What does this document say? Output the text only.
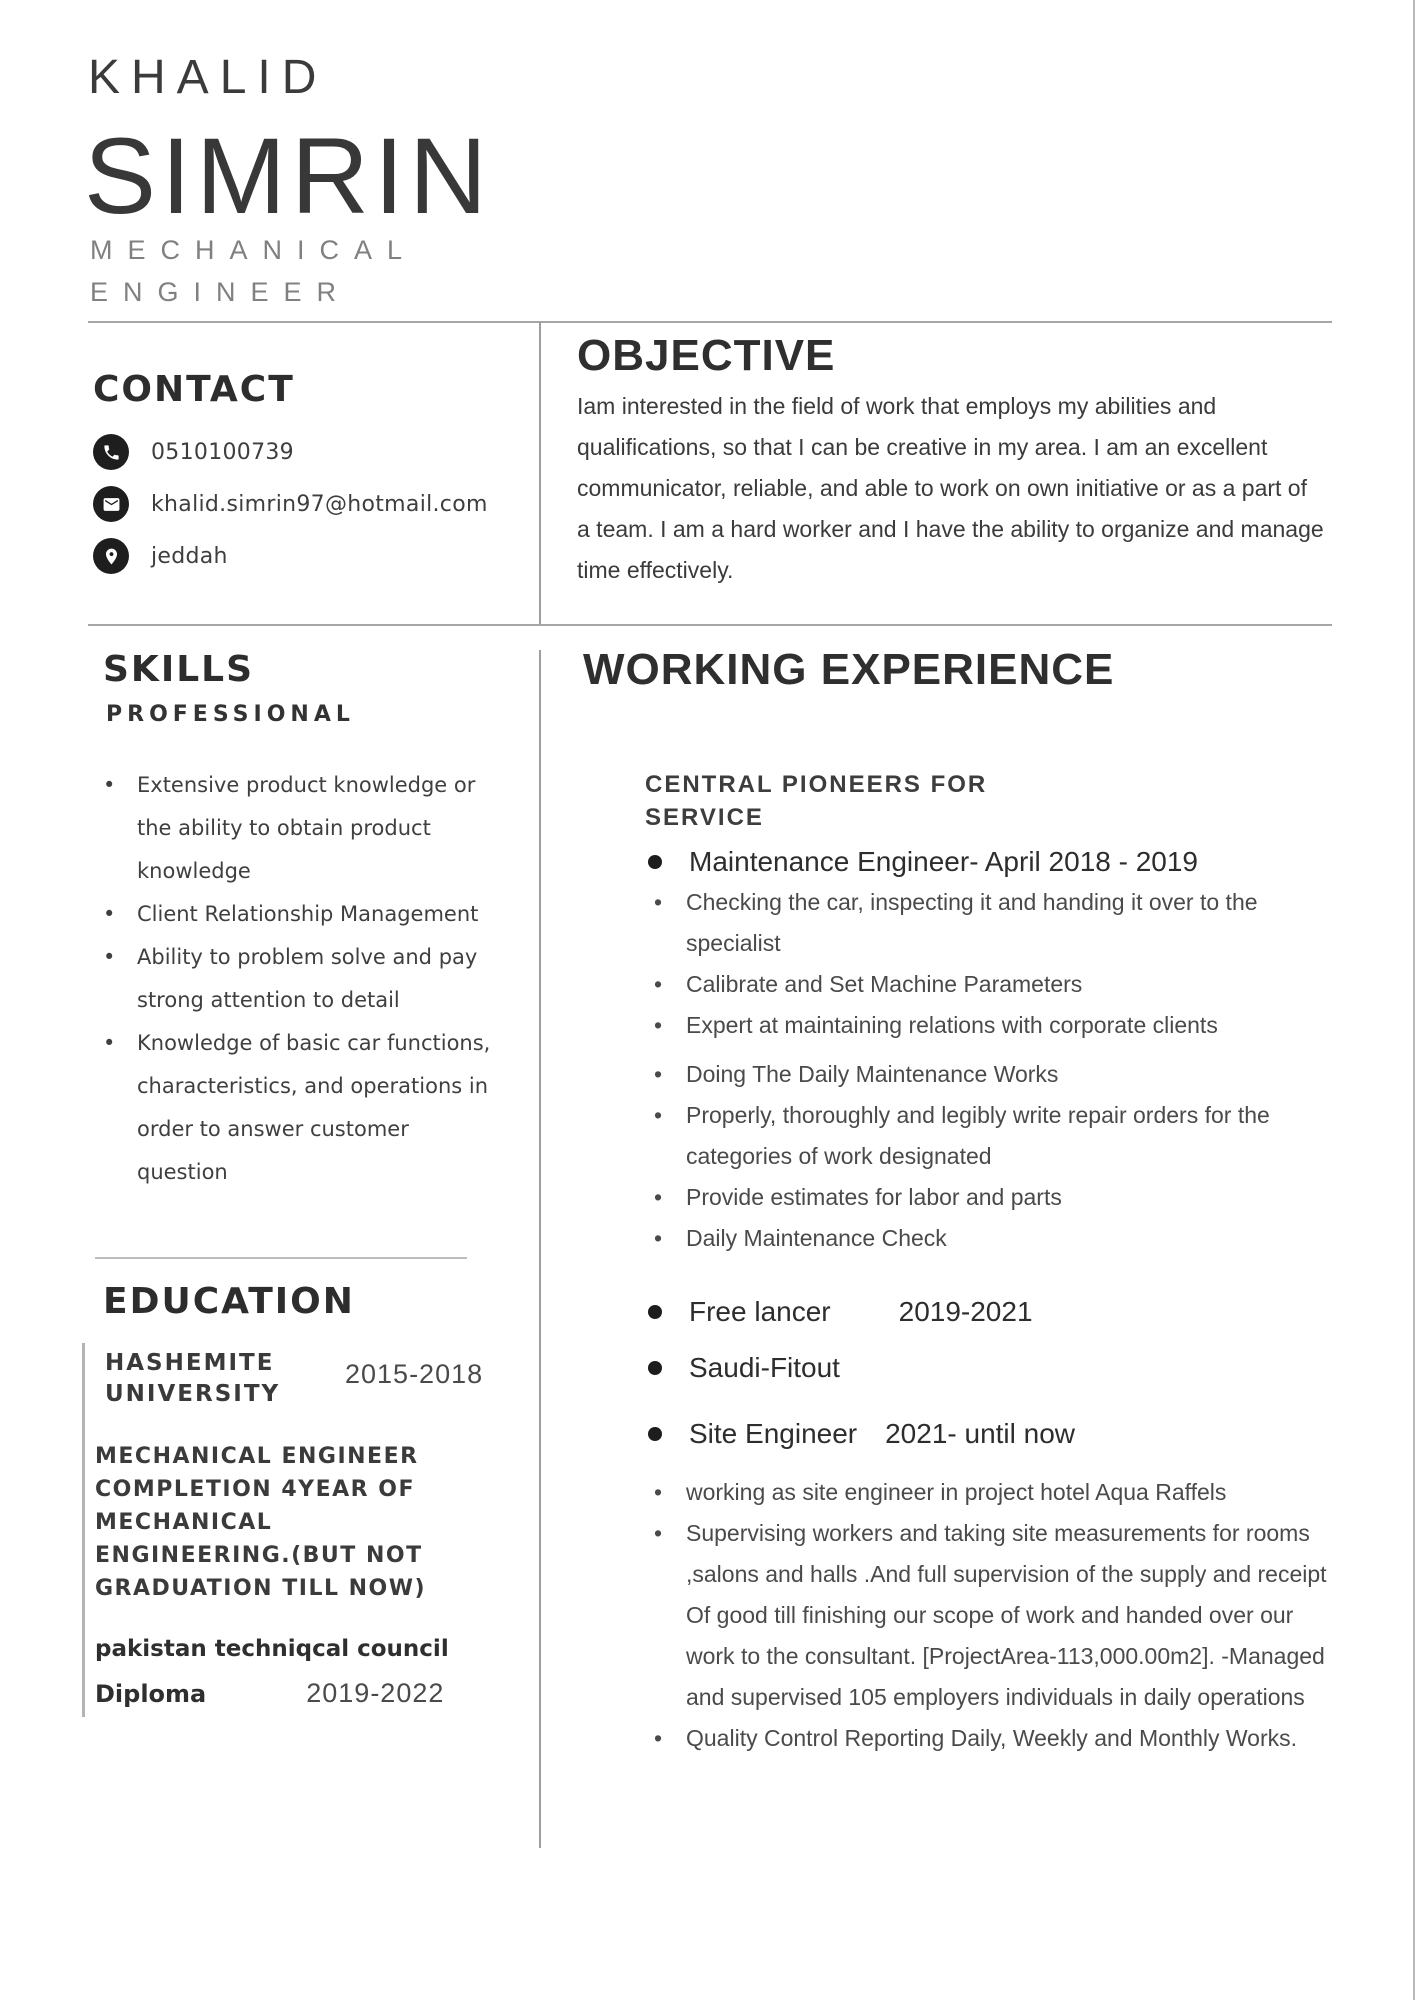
KHALID
SIMRIN
MECHANICAL
ENGINEER
CONTACT
0510100739
khalid.simrin97@hotmail.com
jeddah
OBJECTIVE
Iam interested in the field of work that employs my abilities and qualifications, so that I can be creative in my area. I am an excellent communicator, reliable, and able to work on own initiative or as a part of a team. I am a hard worker and I have the ability to organize and manage time effectively.
SKILLS
PROFESSIONAL
• Extensive product knowledge or the ability to obtain product knowledge
• Client Relationship Management
• Ability to problem solve and pay strong attention to detail
• Knowledge of basic car functions, characteristics, and operations in order to answer customer question
EDUCATION
HASHEMITE UNIVERSITY
2015-2018
MECHANICAL ENGINEER COMPLETION 4YEAR OF MECHANICAL ENGINEERING.(BUT NOT GRADUATION TILL NOW)
pakistan techniqcal council
Diploma	2019-2022
WORKING EXPERIENCE
CENTRAL PIONEERS FOR SERVICE
Maintenance Engineer- April 2018 - 2019
• Checking the car, inspecting it and handing it over to the specialist
• Calibrate and Set Machine Parameters
• Expert at maintaining relations with corporate clients
• Doing The Daily Maintenance Works
• Properly, thoroughly and legibly write repair orders for the categories of work designated
• Provide estimates for labor and parts
• Daily Maintenance Check
Free lancer 2019-2021
Saudi-Fitout
Site Engineer 2021- until now
• working as site engineer in project hotel Aqua Raffels
• Supervising workers and taking site measurements for rooms ,salons and halls .And full supervision of the supply and receipt Of good till finishing our scope of work and handed over our work to the consultant. [ProjectArea-113,000.00m2]. -Managed and supervised 105 employers individuals in daily operations
• Quality Control Reporting Daily, Weekly and Monthly Works.
